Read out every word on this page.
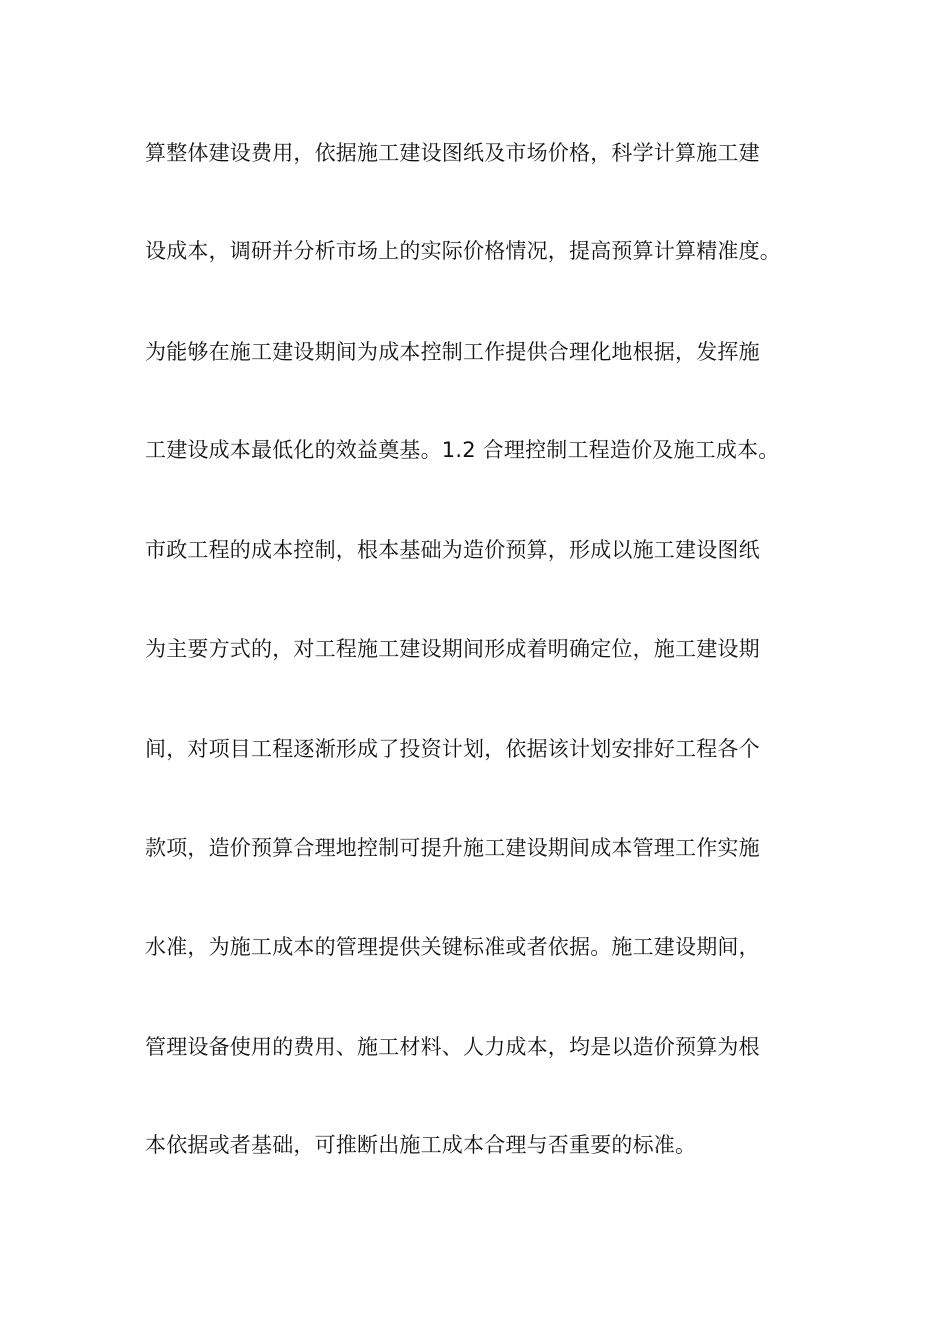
算整体建设费用，依据施工建设图纸及市场价格，科学计算施工建
设成本，调研并分析市场上的实际价格情况，提高预算计算精准度。
为能够在施工建设期间为成本控制工作提供合理化地根据，发挥施
工建设成本最低化的效益奠基。1.2 合理控制工程造价及施工成本。
市政工程的成本控制，根本基础为造价预算，形成以施工建设图纸
为主要方式的，对工程施工建设期间形成着明确定位，施工建设期
间，对项目工程逐渐形成了投资计划，依据该计划安排好工程各个
款项，造价预算合理地控制可提升施工建设期间成本管理工作实施
水准，为施工成本的管理提供关键标准或者依据。施工建设期间，
管理设备使用的费用、施工材料、人力成本，均是以造价预算为根
本依据或者基础，可推断出施工成本合理与否重要的标准。
